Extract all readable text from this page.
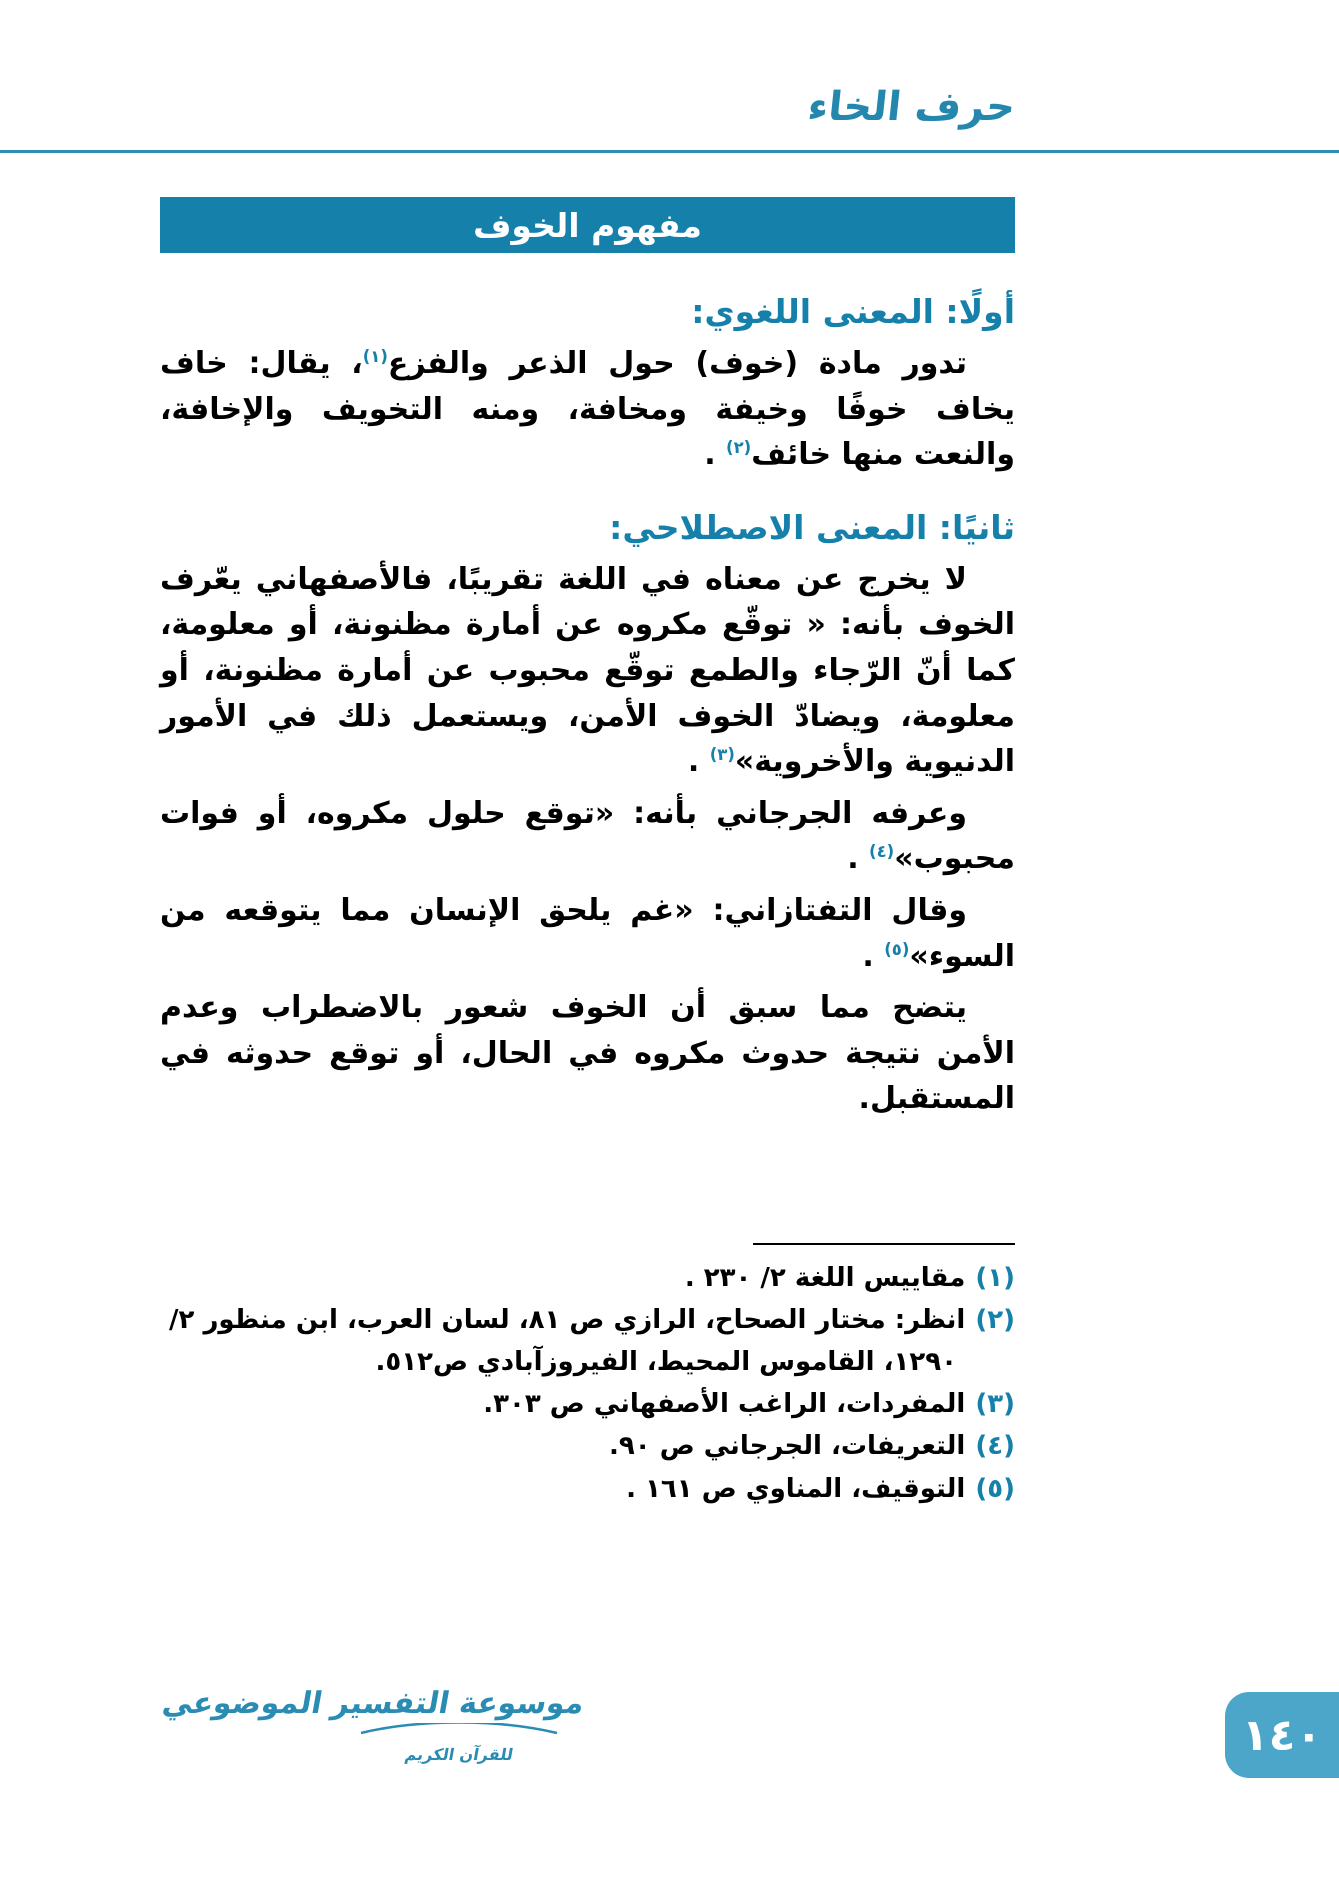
حرف الخاء
مفهوم الخوف
أولًا: المعنى اللغوي:

تدور مادة (خوف) حول الذعر والفزع$^{(١)}$، يقال: خاف يخاف خوفًا وخيفة ومخافة، ومنه التخويف والإخافة، والنعت منها خائف$^{(٢)}$ .

ثانيًا: المعنى الاصطلاحي:

لا يخرج عن معناه في اللغة تقريبًا، فالأصفهاني يعّرف الخوف بأنه: « توقّع مكروه عن أمارة مظنونة، أو معلومة، كما أنّ الرّجاء والطمع توقّع محبوب عن أمارة مظنونة، أو معلومة، ويضادّ الخوف الأمن، ويستعمل ذلك في الأمور الدنيوية والأخروية»$^{(٣)}$ .

وعرفه الجرجاني بأنه: «توقع حلول مكروه، أو فوات محبوب»$^{(٤)}$ .

وقال التفتازاني: «غم يلحق الإنسان مما يتوقعه من السوء»$^{(٥)}$ .

يتضح مما سبق أن الخوف شعور بالاضطراب وعدم الأمن نتيجة حدوث مكروه في الحال، أو توقع حدوثه في المستقبل.

(١)مقاييس اللغة ٢/ ٢٣٠ .
(٢)انظر: مختار الصحاح، الرازي ص ٨١، لسان العرب، ابن منظور ٢/ ١٢٩٠، القاموس المحيط، الفيروزآبادي ص٥١٢.
(٣)المفردات، الراغب الأصفهاني ص ٣٠٣.
(٤)التعريفات، الجرجاني ص ٩٠.
(٥)التوقيف، المناوي ص ١٦١ .
موسوعة التفسير الموضوعي
للقرآن الكريم	١٤٠
